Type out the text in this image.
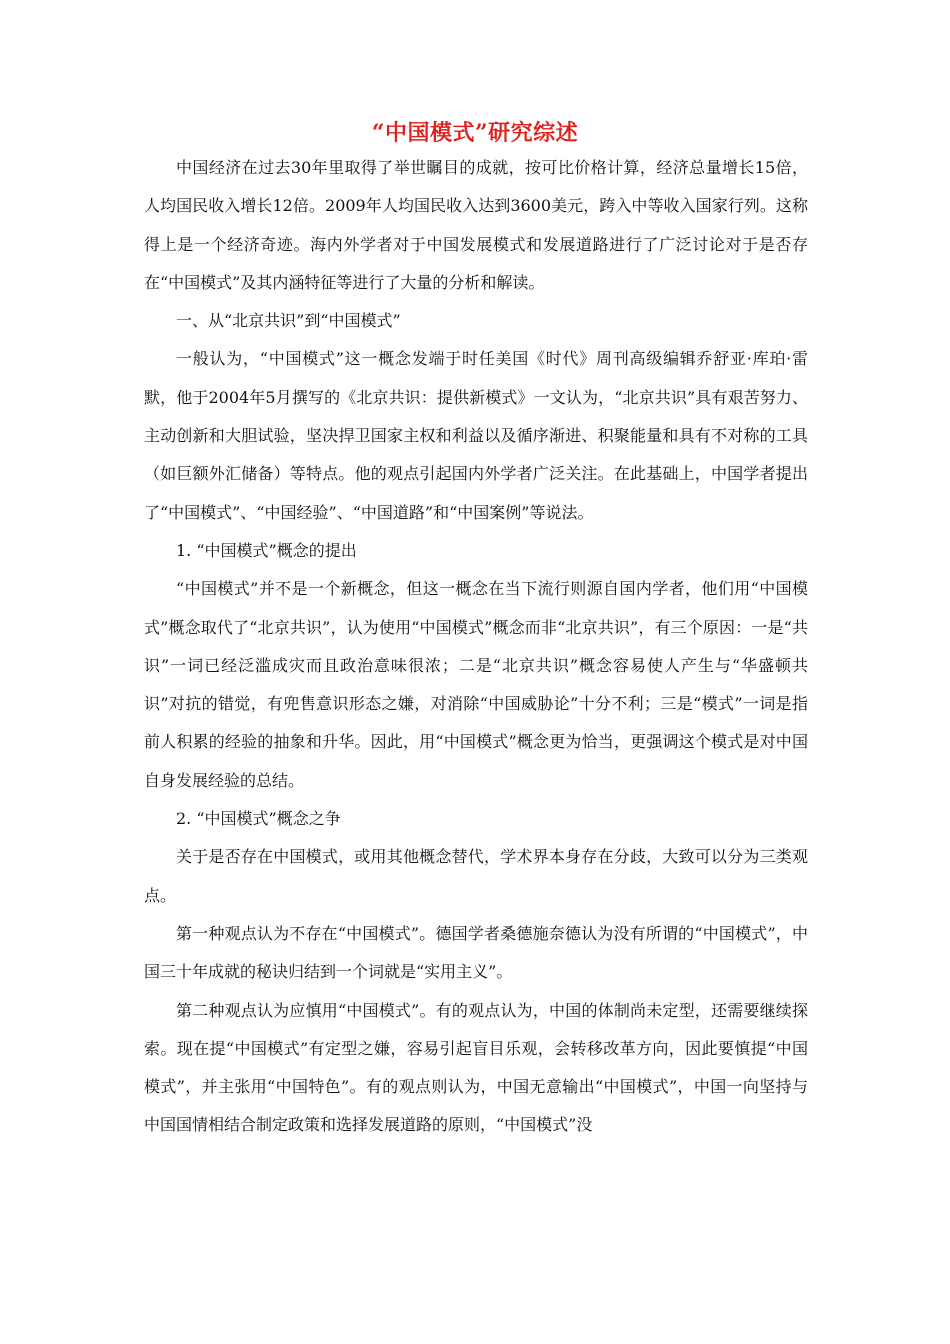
“中国模式”研究综述

中国经济在过去30年里取得了举世瞩目的成就，按可比价格计算，经济总量增长15倍，人均国民收入增长12倍。2009年人均国民收入达到3600美元，跨入中等收入国家行列。这称得上是一个经济奇迹。海内外学者对于中国发展模式和发展道路进行了广泛讨论对于是否存在“中国模式”及其内涵特征等进行了大量的分析和解读。

一、从“北京共识”到“中国模式”

一般认为，“中国模式”这一概念发端于时任美国《时代》周刊高级编辑乔舒亚·库珀·雷默，他于2004年5月撰写的《北京共识：提供新模式》一文认为，“北京共识”具有艰苦努力、主动创新和大胆试验，坚决捍卫国家主权和利益以及循序渐进、积聚能量和具有不对称的工具（如巨额外汇储备）等特点。他的观点引起国内外学者广泛关注。在此基础上，中国学者提出了“中国模式”、“中国经验”、“中国道路”和“中国案例”等说法。

1. “中国模式”概念的提出

“中国模式”并不是一个新概念，但这一概念在当下流行则源自国内学者，他们用“中国模式”概念取代了“北京共识”，认为使用“中国模式”概念而非“北京共识”，有三个原因：一是“共识”一词已经泛滥成灾而且政治意味很浓；二是“北京共识”概念容易使人产生与“华盛顿共识”对抗的错觉，有兜售意识形态之嫌，对消除“中国威胁论”十分不利；三是“模式”一词是指前人积累的经验的抽象和升华。因此，用“中国模式”概念更为恰当，更强调这个模式是对中国自身发展经验的总结。

2. “中国模式”概念之争

关于是否存在中国模式，或用其他概念替代，学术界本身存在分歧，大致可以分为三类观点。

第一种观点认为不存在“中国模式”。德国学者桑德施奈德认为没有所谓的“中国模式”，中国三十年成就的秘诀归结到一个词就是“实用主义”。

第二种观点认为应慎用“中国模式”。有的观点认为，中国的体制尚未定型，还需要继续探索。现在提“中国模式”有定型之嫌，容易引起盲目乐观，会转移改革方向，因此要慎提“中国模式”，并主张用“中国特色”。有的观点则认为，中国无意输出“中国模式”，中国一向坚持与中国国情相结合制定政策和选择发展道路的原则，“中国模式”没
